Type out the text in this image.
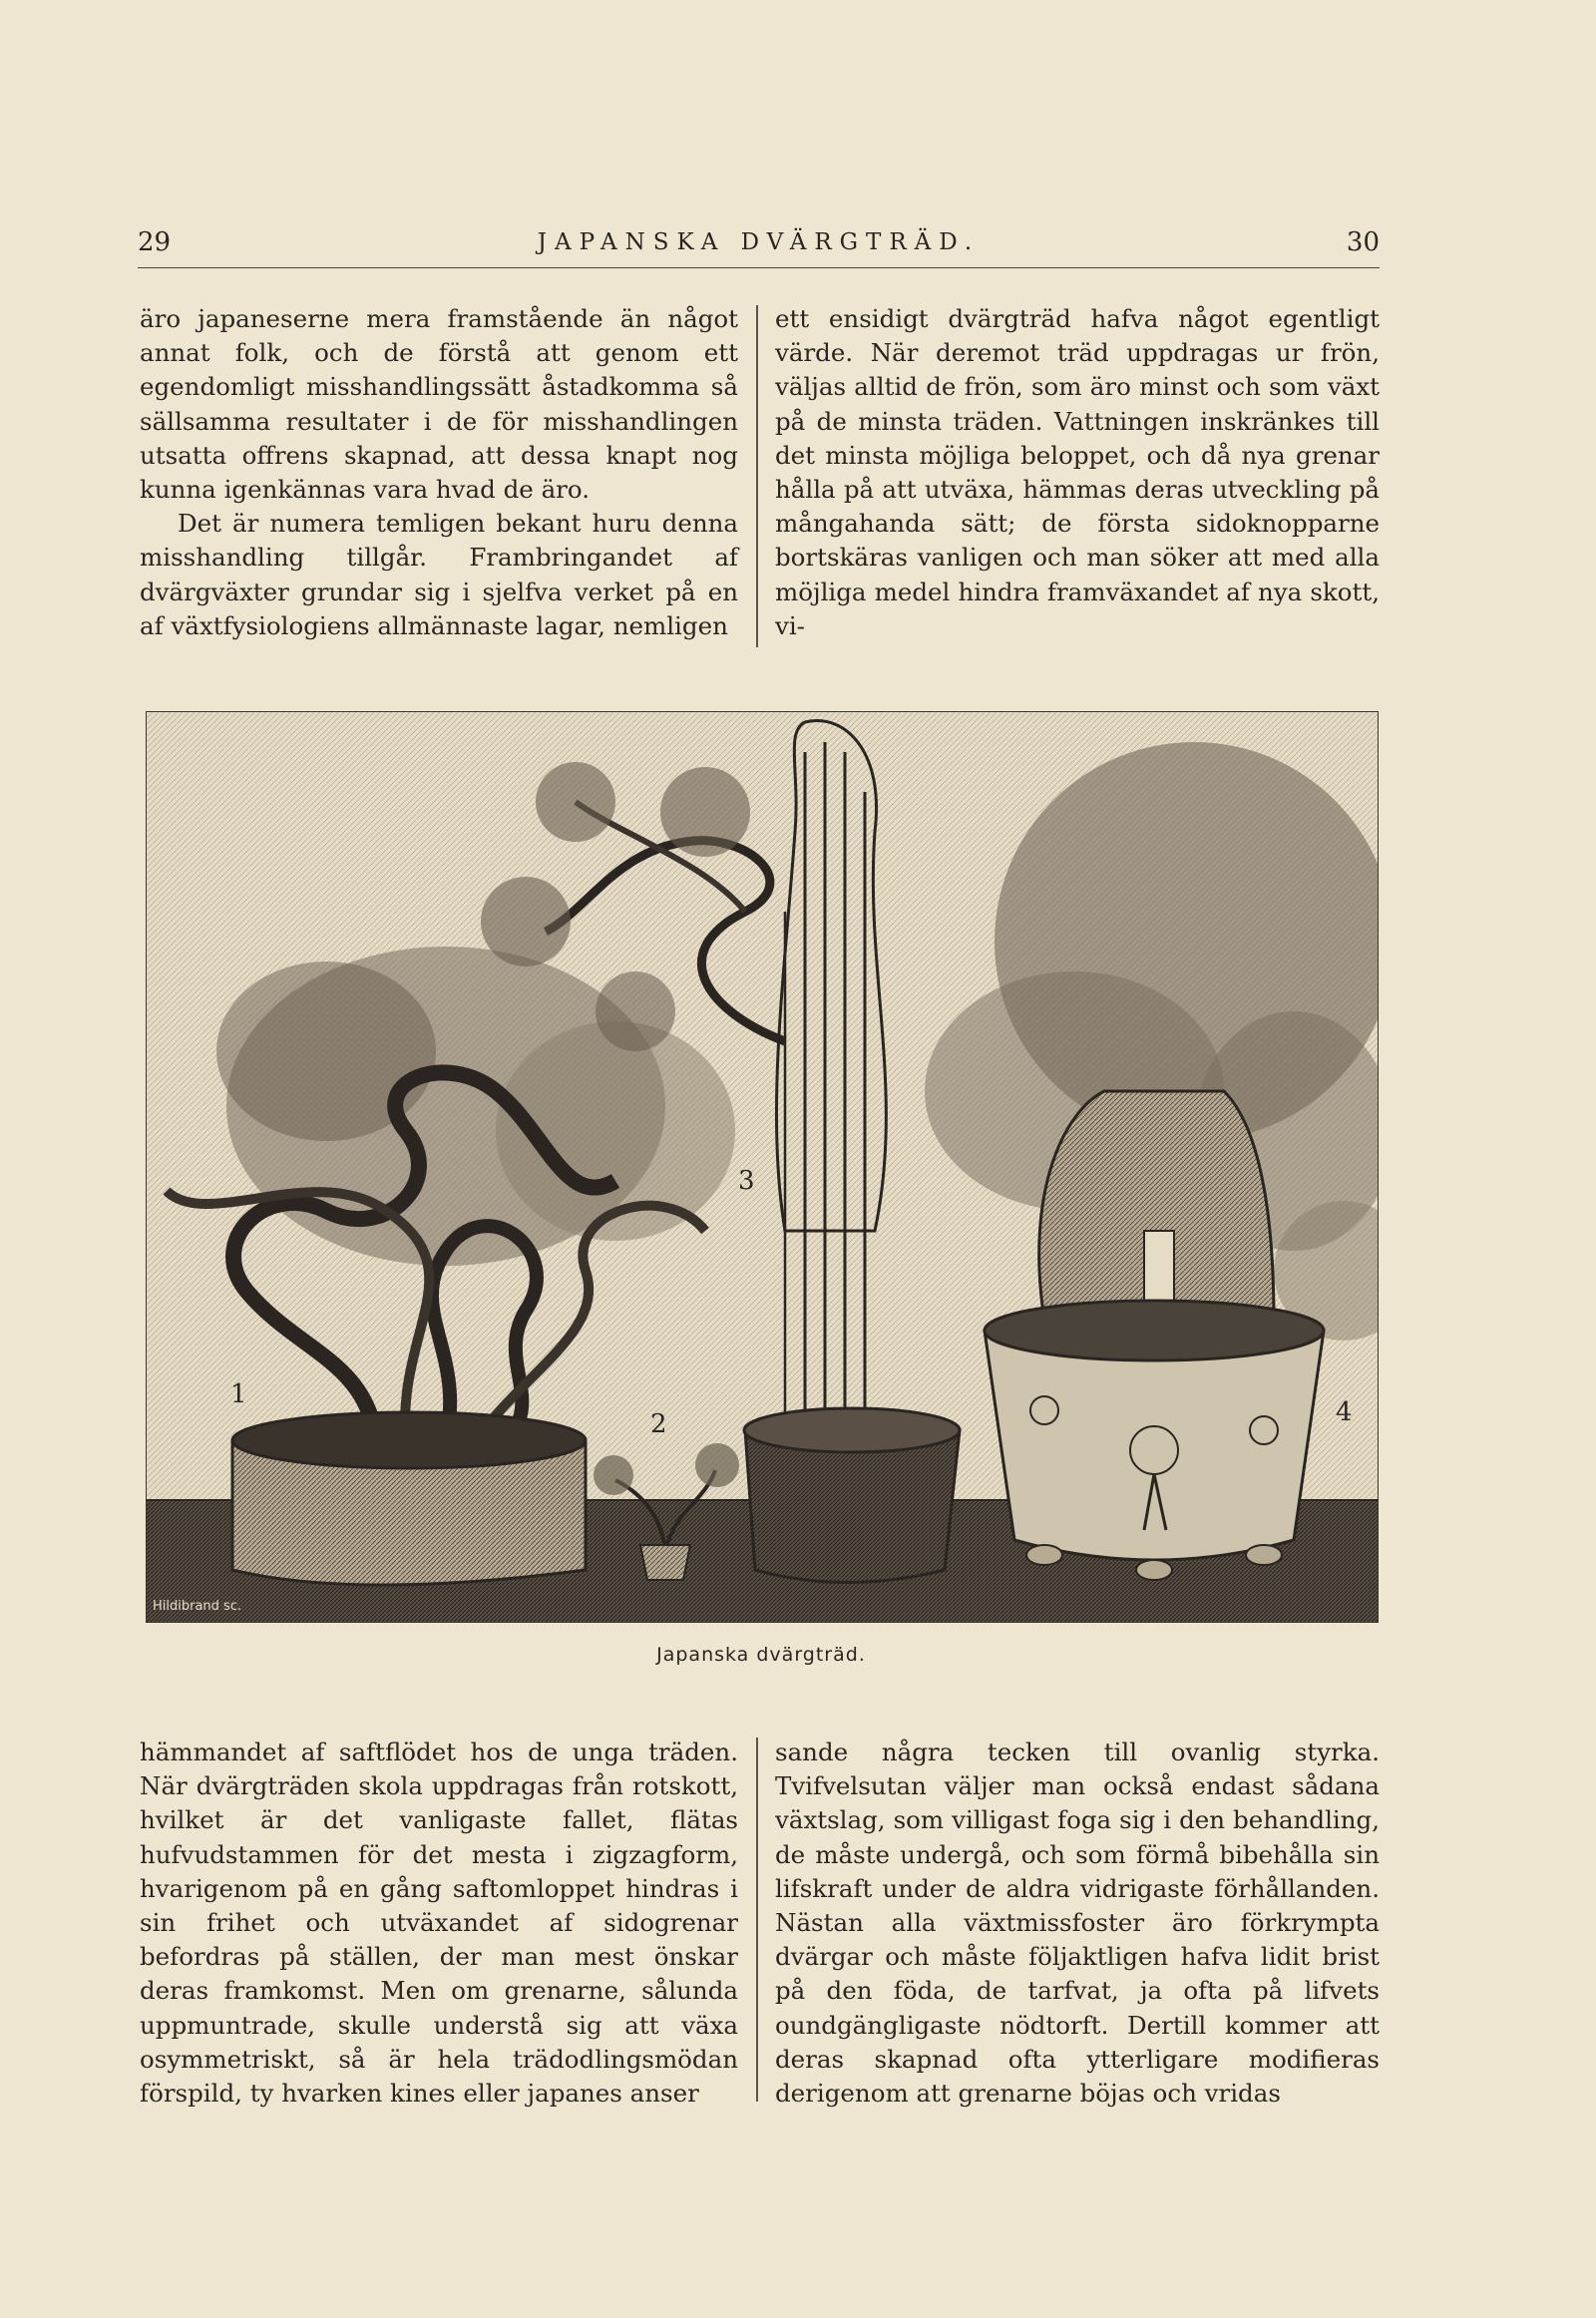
29	JAPANSKA DVÄRGTRÄD.	30

äro japaneserne mera framstående än något annat folk, och de förstå att genom ett egendomligt misshandlingssätt åstadkomma så sällsamma resultater i de för misshandlingen utsatta offrens skapnad, att dessa knapt nog kunna igenkännas vara hvad de äro.

Det är numera temligen bekant huru denna misshandling tillgår. Frambringandet af dvärgväxter grundar sig i sjelfva verket på en af växtfysiologiens allmännaste lagar, nemligen

ett ensidigt dvärgträd hafva något egentligt värde. När deremot träd uppdragas ur frön, väljas alltid de frön, som äro minst och som växt på de minsta träden. Vattningen inskränkes till det minsta möjliga beloppet, och då nya grenar hålla på att utväxa, hämmas deras utveckling på mångahanda sätt; de första sidoknopparne bortskäras vanligen och man söker att med alla möjliga medel hindra framväxandet af nya skott, vi-

1
2
3
4
Hildibrand sc.
Japanska dvärgträd.

hämmandet af saftflödet hos de unga träden. När dvärgträden skola uppdragas från rotskott, hvilket är det vanligaste fallet, flätas hufvudstammen för det mesta i zigzagform, hvarigenom på en gång saftomloppet hindras i sin frihet och utväxandet af sidogrenar befordras på ställen, der man mest önskar deras framkomst. Men om grenarne, sålunda uppmuntrade, skulle understå sig att växa osymmetriskt, så är hela trädodlingsmödan förspild, ty hvarken kines eller japanes anser

sande några tecken till ovanlig styrka. Tvifvelsutan väljer man också endast sådana växtslag, som villigast foga sig i den behandling, de måste undergå, och som förmå bibehålla sin lifskraft under de aldra vidrigaste förhållanden. Nästan alla växtmissfoster äro förkrympta dvärgar och måste följaktligen hafva lidit brist på den föda, de tarfvat, ja ofta på lifvets oundgängligaste nödtorft. Dertill kommer att deras skapnad ofta ytterligare modifieras derigenom att grenarne böjas och vridas
